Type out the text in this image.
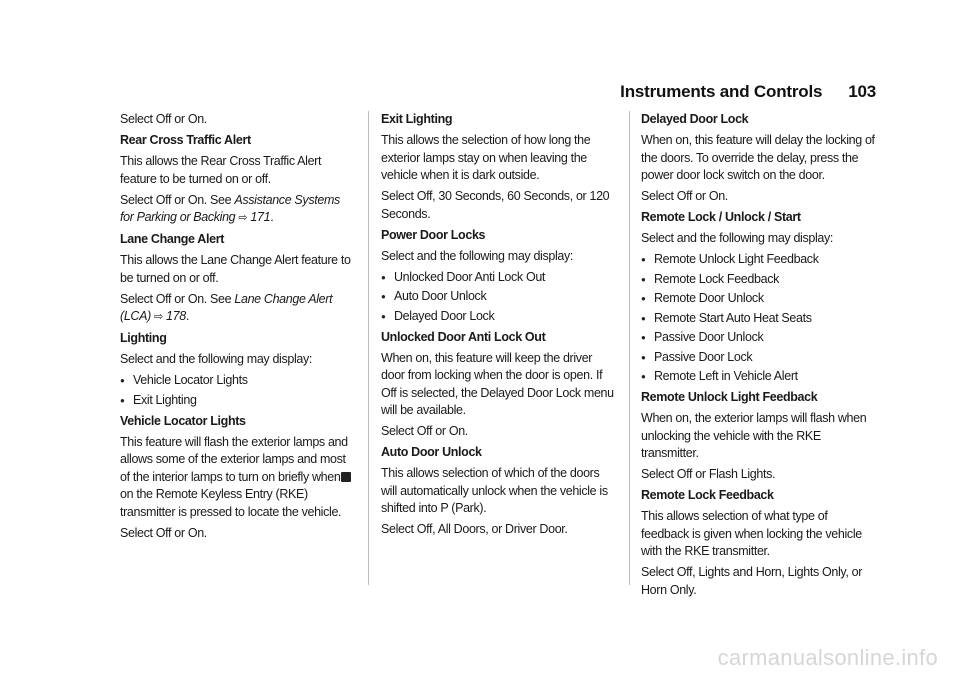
Instruments and Controls 103

Select Off or On.

Rear Cross Traffic Alert

This allows the Rear Cross Traffic Alert feature to be turned on or off.

Select Off or On. See Assistance Systems for Parking or Backing ⇨ 171.

Lane Change Alert

This allows the Lane Change Alert feature to be turned on or off.

Select Off or On. See Lane Change Alert (LCA) ⇨ 178.

Lighting

Select and the following may display:

● Vehicle Locator Lights
● Exit Lighting

Vehicle Locator Lights

This feature will flash the exterior lamps and allows some of the exterior lamps and most of the interior lamps to turn on briefly whenon the Remote Keyless Entry (RKE) transmitter is pressed to locate the vehicle.

Select Off or On.

Exit Lighting

This allows the selection of how long the exterior lamps stay on when leaving the vehicle when it is dark outside.

Select Off, 30 Seconds, 60 Seconds, or 120 Seconds.

Power Door Locks

Select and the following may display:

● Unlocked Door Anti Lock Out
● Auto Door Unlock
● Delayed Door Lock

Unlocked Door Anti Lock Out

When on, this feature will keep the driver door from locking when the door is open. If Off is selected, the Delayed Door Lock menu will be available.

Select Off or On.

Auto Door Unlock

This allows selection of which of the doors will automatically unlock when the vehicle is shifted into P (Park).

Select Off, All Doors, or Driver Door.

Delayed Door Lock

When on, this feature will delay the locking of the doors. To override the delay, press the power door lock switch on the door.

Select Off or On.

Remote Lock / Unlock / Start

Select and the following may display:

● Remote Unlock Light Feedback
● Remote Lock Feedback
● Remote Door Unlock
● Remote Start Auto Heat Seats
● Passive Door Unlock
● Passive Door Lock
● Remote Left in Vehicle Alert

Remote Unlock Light Feedback

When on, the exterior lamps will flash when unlocking the vehicle with the RKE transmitter.

Select Off or Flash Lights.

Remote Lock Feedback

This allows selection of what type of feedback is given when locking the vehicle with the RKE transmitter.

Select Off, Lights and Horn, Lights Only, or Horn Only.

carmanualsonline.info
